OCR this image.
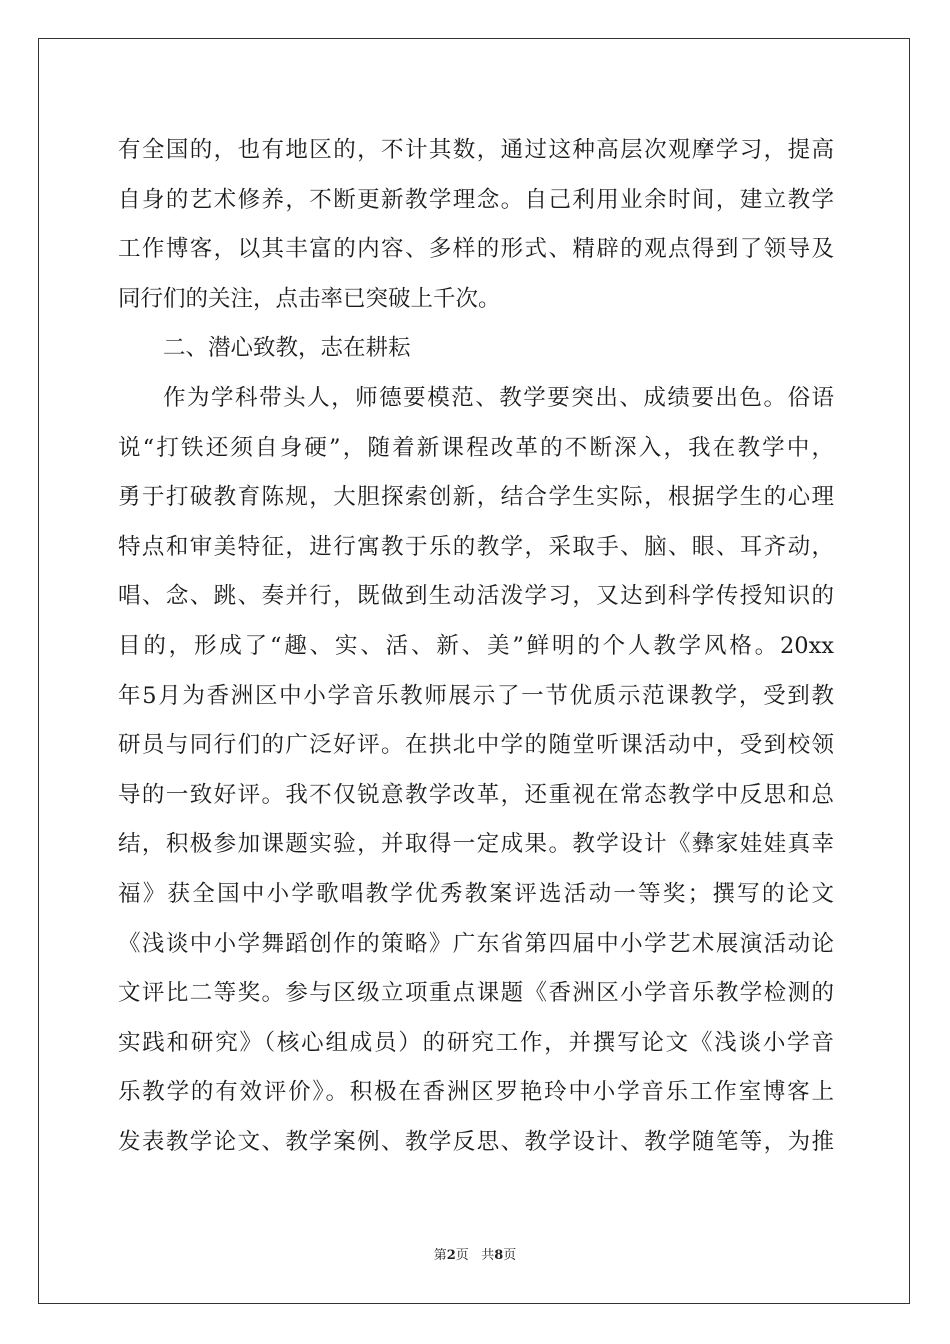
有全国的，也有地区的，不计其数，通过这种高层次观摩学习，提高
自身的艺术修养，不断更新教学理念。自己利用业余时间，建立教学
工作博客，以其丰富的内容、多样的形式、精辟的观点得到了领导及
同行们的关注，点击率已突破上千次。
二、潜心致教，志在耕耘
作为学科带头人，师德要模范、教学要突出、成绩要出色。俗语
说“打铁还须自身硬”，随着新课程改革的不断深入，我在教学中，
勇于打破教育陈规，大胆探索创新，结合学生实际，根据学生的心理
特点和审美特征，进行寓教于乐的教学，采取手、脑、眼、耳齐动，
唱、念、跳、奏并行，既做到生动活泼学习，又达到科学传授知识的
目的，形成了“趣、实、活、新、美”鲜明的个人教学风格。20xx
年5月为香洲区中小学音乐教师展示了一节优质示范课教学，受到教
研员与同行们的广泛好评。在拱北中学的随堂听课活动中，受到校领
导的一致好评。我不仅锐意教学改革，还重视在常态教学中反思和总
结，积极参加课题实验，并取得一定成果。教学设计《彝家娃娃真幸
福》获全国中小学歌唱教学优秀教案评选活动一等奖；撰写的论文
《浅谈中小学舞蹈创作的策略》广东省第四届中小学艺术展演活动论
文评比二等奖。参与区级立项重点课题《香洲区小学音乐教学检测的
实践和研究》（核心组成员）的研究工作，并撰写论文《浅谈小学音
乐教学的有效评价》。积极在香洲区罗艳玲中小学音乐工作室博客上
发表教学论文、教学案例、教学反思、教学设计、教学随笔等，为推
第2页 共8页
